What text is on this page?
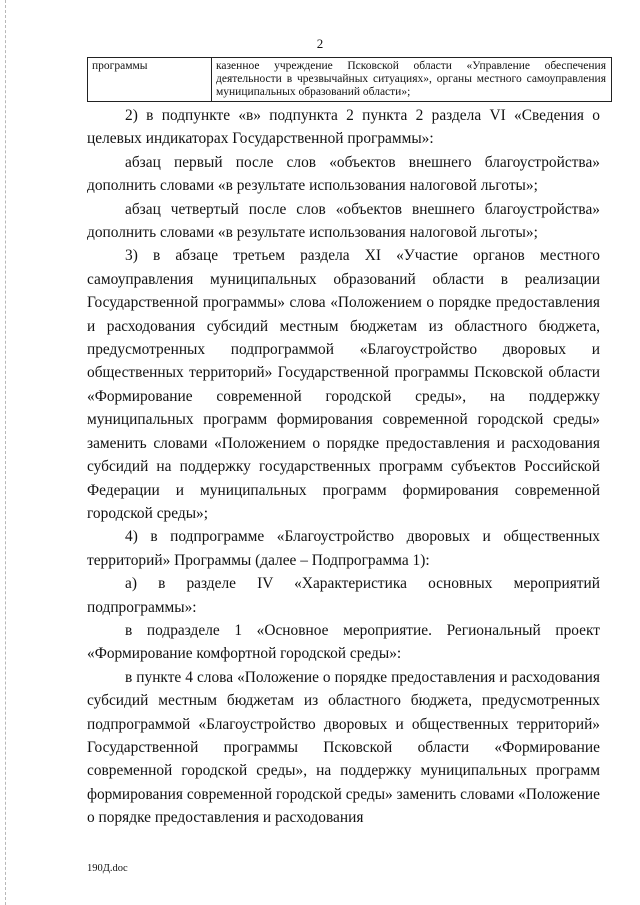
2
программы	казенное учреждение Псковской области «Управление обеспечения деятельности в чрезвычайных ситуациях», органы местного самоуправления муниципальных образований области»;

2) в подпункте «в» подпункта 2 пункта 2 раздела VI «Сведения о целевых индикаторах Государственной программы»:

абзац первый после слов «объектов внешнего благоустройства» дополнить словами «в результате использования налоговой льготы»;

абзац четвертый после слов «объектов внешнего благоустройства» дополнить словами «в результате использования налоговой льготы»;

3) в абзаце третьем раздела XI «Участие органов местного самоуправления муниципальных образований области в реализации Государственной программы» слова «Положением о порядке предоставления и расходования субсидий местным бюджетам из областного бюджета, предусмотренных подпрограммой «Благоустройство дворовых и общественных территорий» Государственной программы Псковской области «Формирование современной городской среды», на поддержку муниципальных программ формирования современной городской среды» заменить словами «Положением о порядке предоставления и расходования субсидий на поддержку государственных программ субъектов Российской Федерации и муниципальных программ формирования современной городской среды»;

4) в подпрограмме «Благоустройство дворовых и общественных территорий» Программы (далее – Подпрограмма 1):

а) в разделе IV «Характеристика основных мероприятий подпрограммы»:

в подразделе 1 «Основное мероприятие. Региональный проект «Формирование комфортной городской среды»:

в пункте 4 слова «Положение о порядке предоставления и расходования субсидий местным бюджетам из областного бюджета, предусмотренных подпрограммой «Благоустройство дворовых и общественных территорий» Государственной программы Псковской области «Формирование современной городской среды», на поддержку муниципальных программ формирования современной городской среды» заменить словами «Положение о порядке предоставления и расходования

190Д.doc
